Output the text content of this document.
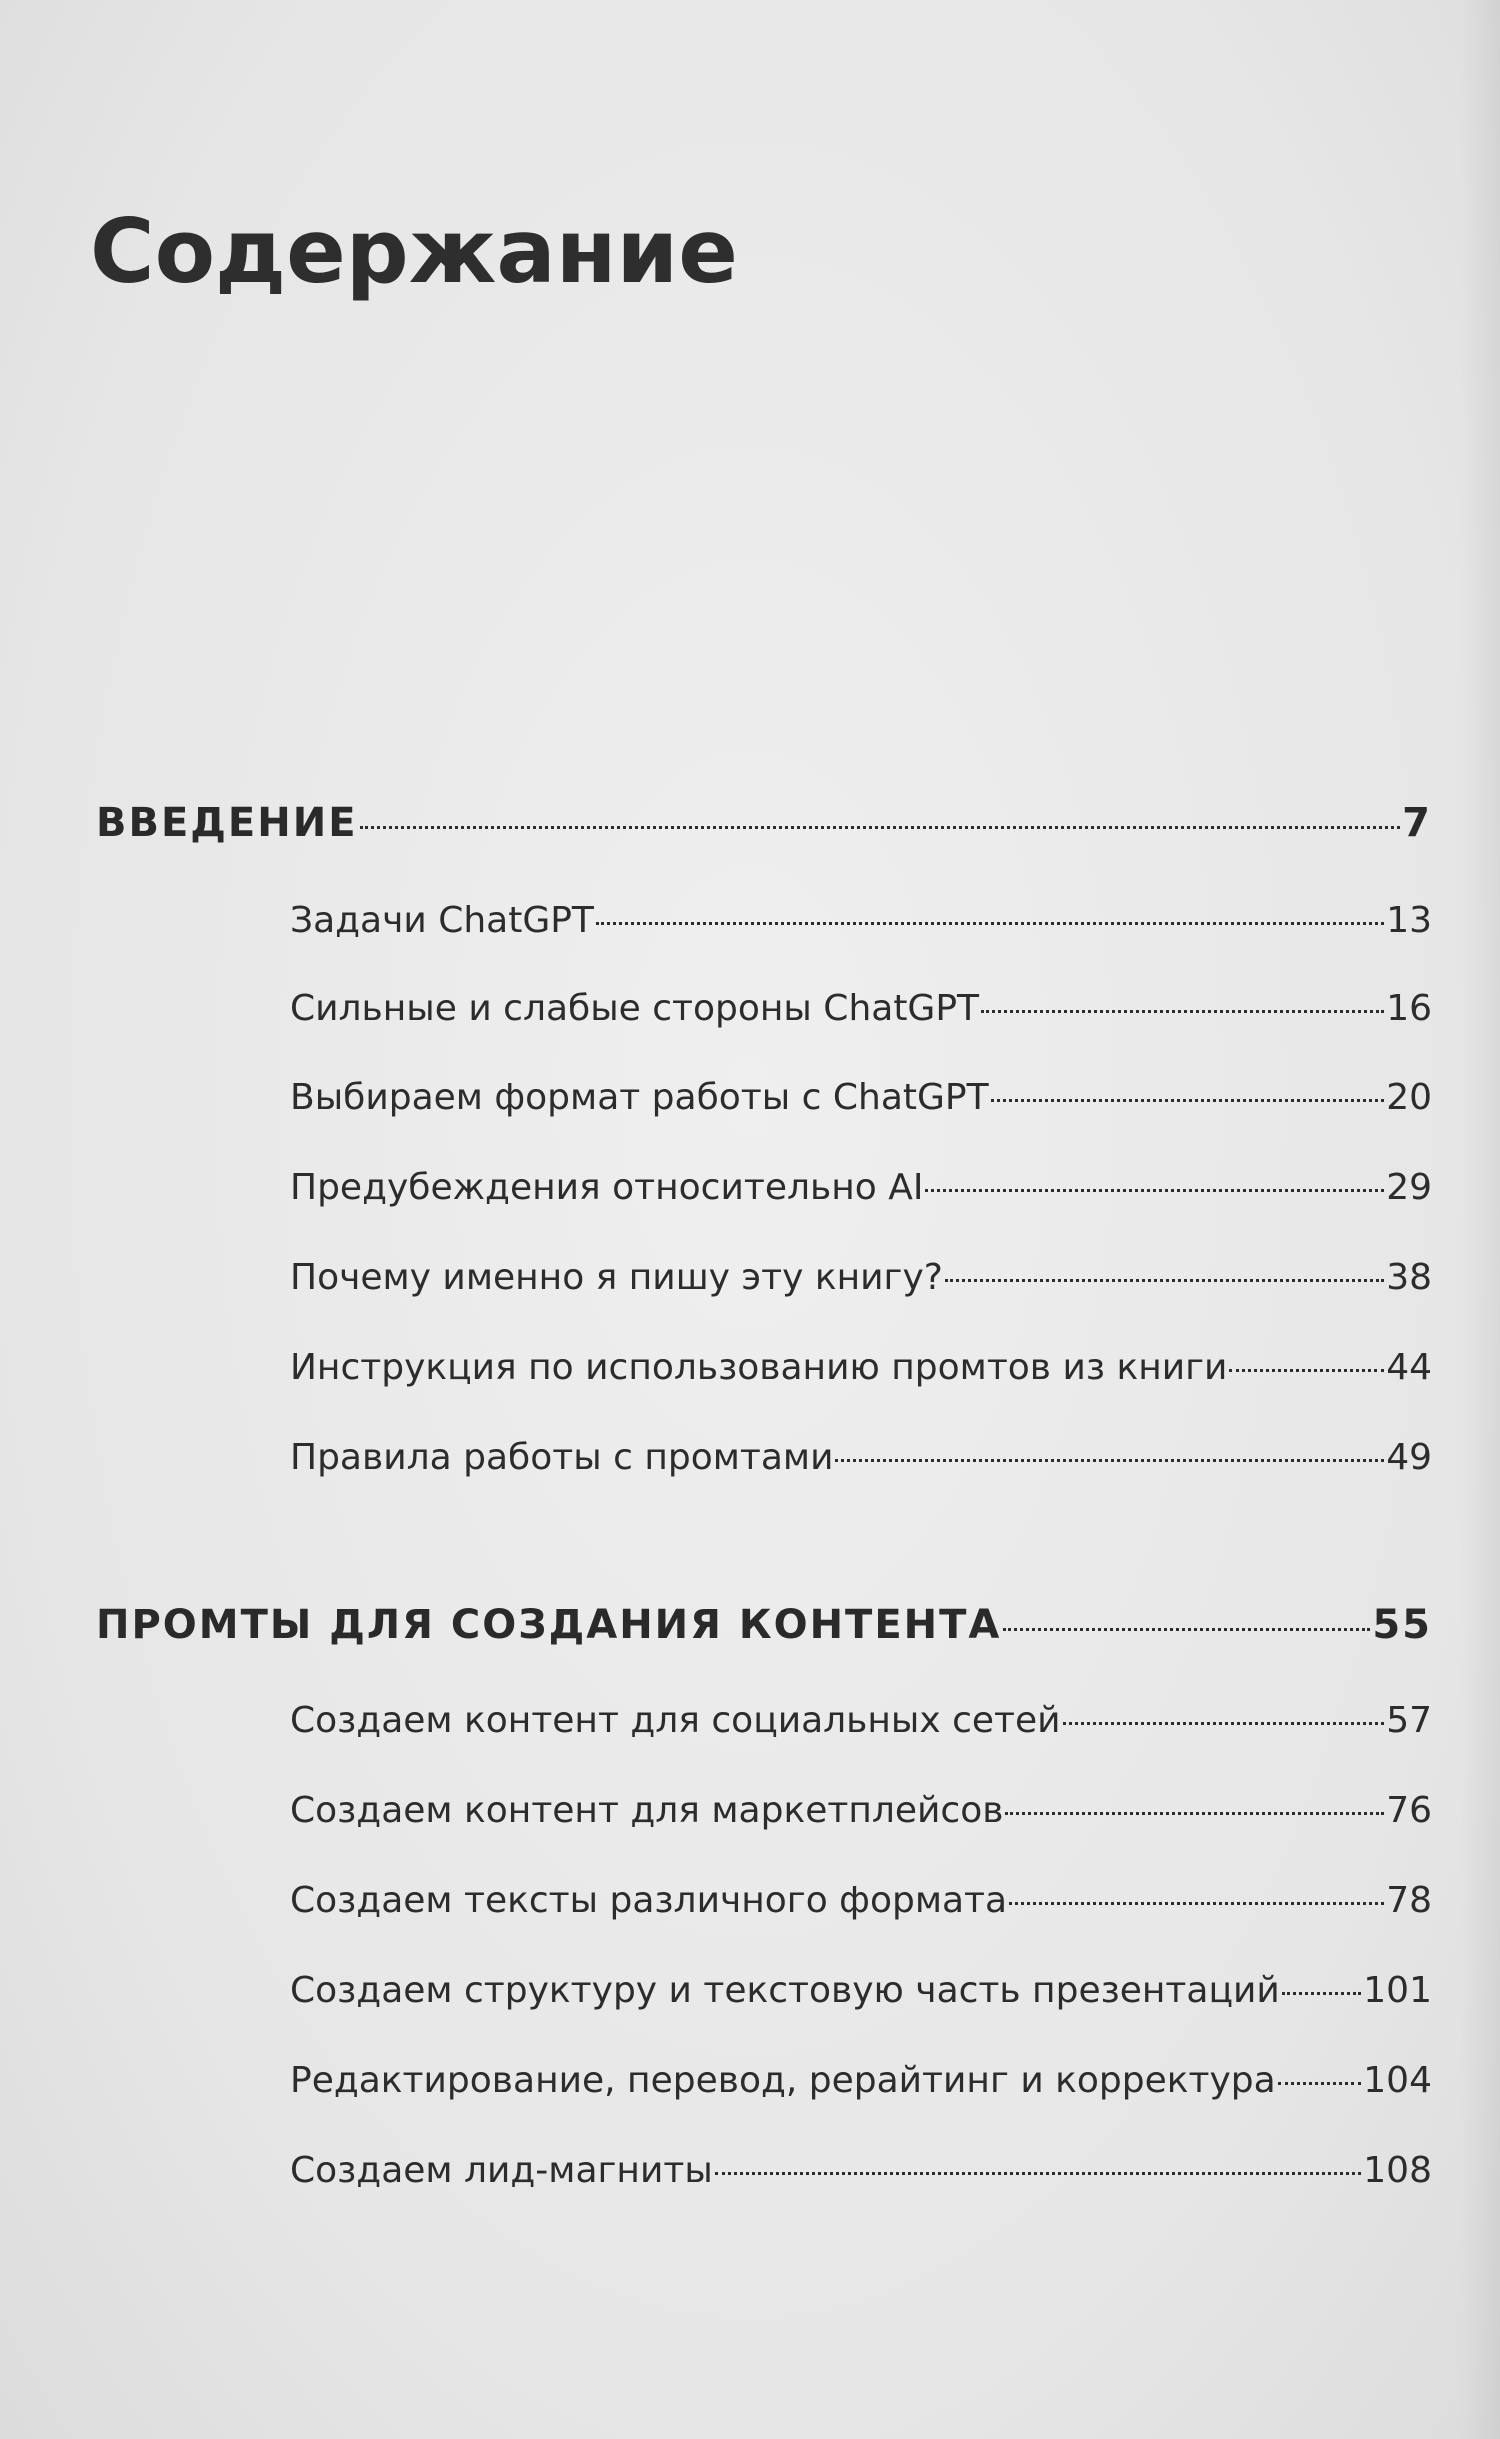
Содержание
ВВЕДЕНИЕ	7
Задачи ChatGPT	13
Сильные и слабые стороны ChatGPT	16
Выбираем формат работы с ChatGPT	20
Предубеждения относительно AI	29
Почему именно я пишу эту книгу?	38
Инструкция по использованию промтов из книги	44
Правила работы с промтами	49
ПРОМТЫ ДЛЯ СОЗДАНИЯ КОНТЕНТА	55
Создаем контент для социальных сетей	57
Создаем контент для маркетплейсов	76
Создаем тексты различного формата	78
Создаем структуру и текстовую часть презентаций 101
Редактирование, перевод, рерайтинг и корректура 104
Создаем лид-магниты	108
